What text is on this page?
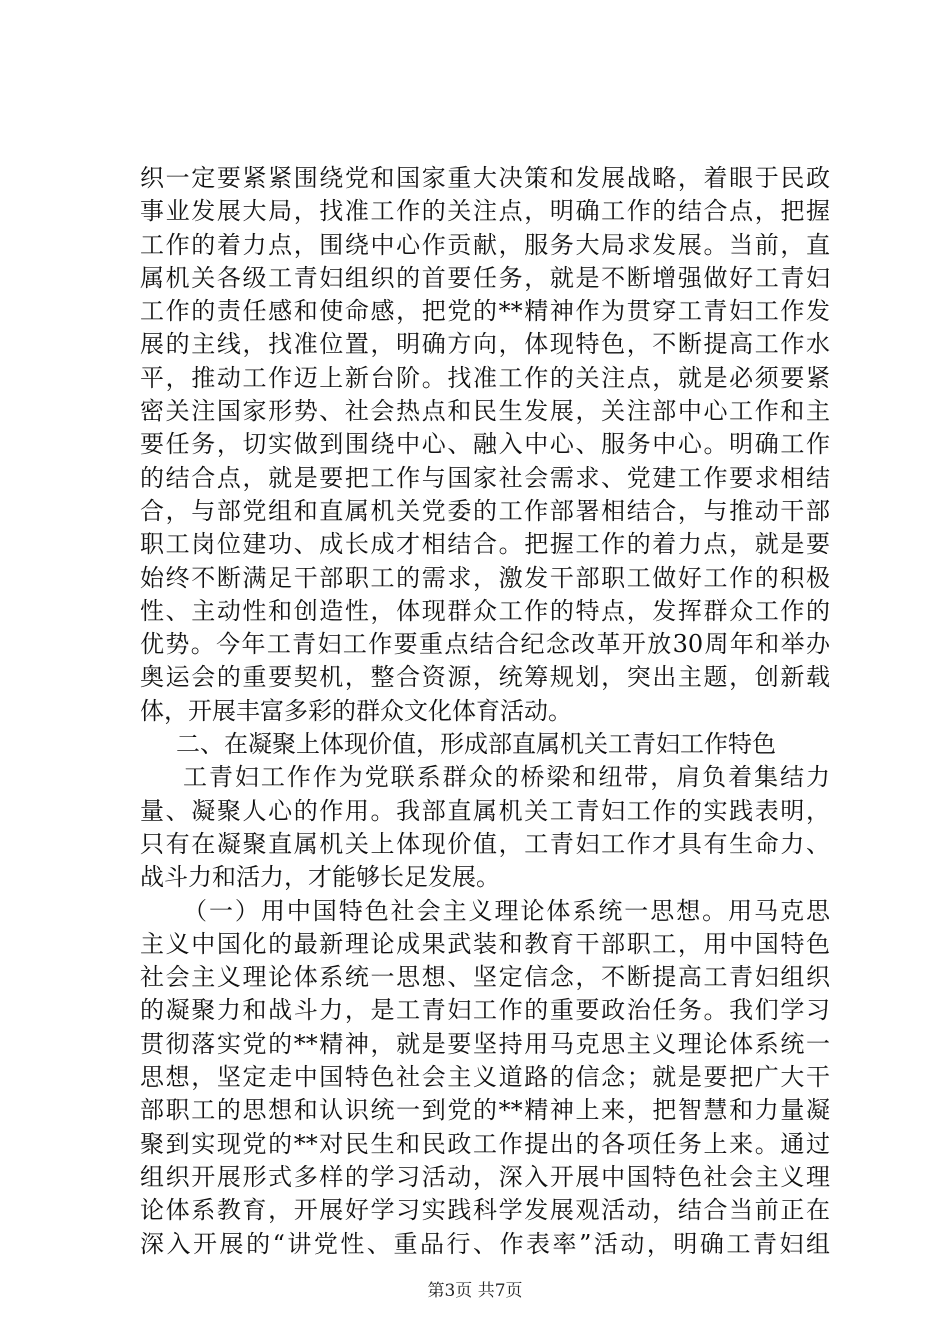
织一定要紧紧围绕党和国家重大决策和发展战略，着眼于民政
事业发展大局，找准工作的关注点，明确工作的结合点，把握
工作的着力点，围绕中心作贡献，服务大局求发展。当前，直
属机关各级工青妇组织的首要任务，就是不断增强做好工青妇
工作的责任感和使命感，把党的**精神作为贯穿工青妇工作发
展的主线，找准位置，明确方向，体现特色，不断提高工作水
平，推动工作迈上新台阶。找准工作的关注点，就是必须要紧
密关注国家形势、社会热点和民生发展，关注部中心工作和主
要任务，切实做到围绕中心、融入中心、服务中心。明确工作
的结合点，就是要把工作与国家社会需求、党建工作要求相结
合，与部党组和直属机关党委的工作部署相结合，与推动干部
职工岗位建功、成长成才相结合。把握工作的着力点，就是要
始终不断满足干部职工的需求，激发干部职工做好工作的积极
性、主动性和创造性，体现群众工作的特点，发挥群众工作的
优势。今年工青妇工作要重点结合纪念改革开放30周年和举办
奥运会的重要契机，整合资源，统筹规划，突出主题，创新载
体，开展丰富多彩的群众文化体育活动。
二、在凝聚上体现价值，形成部直属机关工青妇工作特色
工青妇工作作为党联系群众的桥梁和纽带，肩负着集结力
量、凝聚人心的作用。我部直属机关工青妇工作的实践表明，
只有在凝聚直属机关上体现价值，工青妇工作才具有生命力、
战斗力和活力，才能够长足发展。
（一）用中国特色社会主义理论体系统一思想。用马克思
主义中国化的最新理论成果武装和教育干部职工，用中国特色
社会主义理论体系统一思想、坚定信念，不断提高工青妇组织
的凝聚力和战斗力，是工青妇工作的重要政治任务。我们学习
贯彻落实党的**精神，就是要坚持用马克思主义理论体系统一
思想，坚定走中国特色社会主义道路的信念；就是要把广大干
部职工的思想和认识统一到党的**精神上来，把智慧和力量凝
聚到实现党的**对民生和民政工作提出的各项任务上来。通过
组织开展形式多样的学习活动，深入开展中国特色社会主义理
论体系教育，开展好学习实践科学发展观活动，结合当前正在
深入开展的“讲党性、重品行、作表率”活动，明确工青妇组
第3页 共7页
